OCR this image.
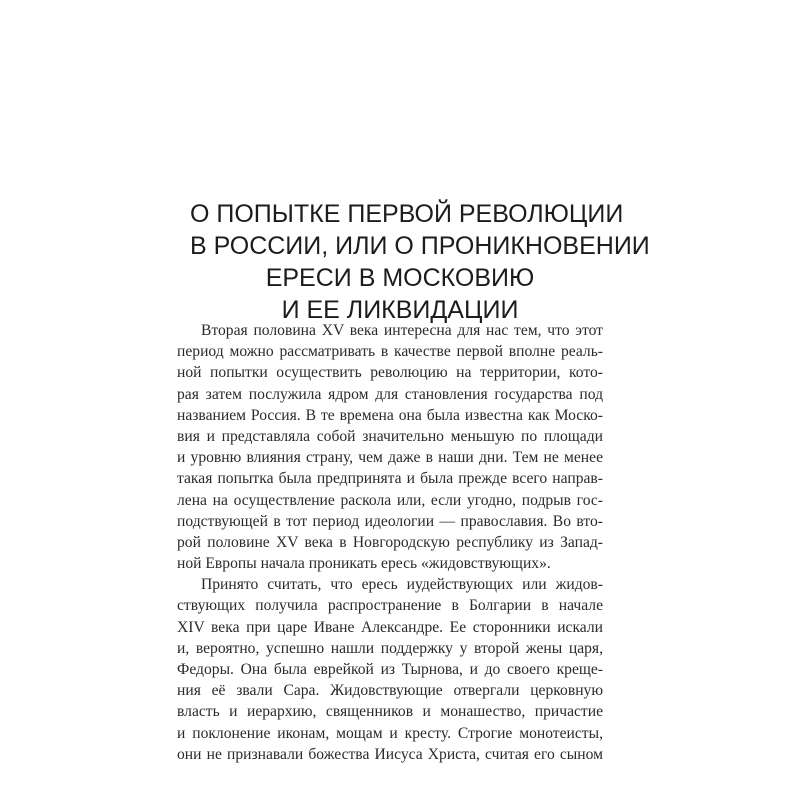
О ПОПЫТКЕ ПЕРВОЙ РЕВОЛЮЦИИ
В РОССИИ, ИЛИ О ПРОНИКНОВЕНИИ
ЕРЕСИ В МОСКОВИЮ
И ЕЕ ЛИКВИДАЦИИ
Вторая половина XV века интересна для нас тем, что этот
период можно рассматривать в качестве первой вполне реаль-
ной попытки осуществить революцию на территории, кото-
рая затем послужила ядром для становления государства под
названием Россия. В те времена она была известна как Моско-
вия и представляла собой значительно меньшую по площади
и уровню влияния страну, чем даже в наши дни. Тем не менее
такая попытка была предпринята и была прежде всего направ-
лена на осуществление раскола или, если угодно, подрыв гос-
подствующей в тот период идеологии — православия. Во вто-
рой половине XV века в Новгородскую республику из Запад-
ной Европы начала проникать ересь «жидовствующих».
Принято считать, что ересь иудействующих или жидов-
ствующих получила распространение в Болгарии в начале
XIV века при царе Иване Александре. Ее сторонники искали
и, вероятно, успешно нашли поддержку у второй жены царя,
Федоры. Она была еврейкой из Тырнова, и до своего креще-
ния её звали Сара. Жидовствующие отвергали церковную
власть и иерархию, священников и монашество, причастие
и поклонение иконам, мощам и кресту. Строгие монотеисты,
они не признавали божества Иисуса Христа, считая его сыном
